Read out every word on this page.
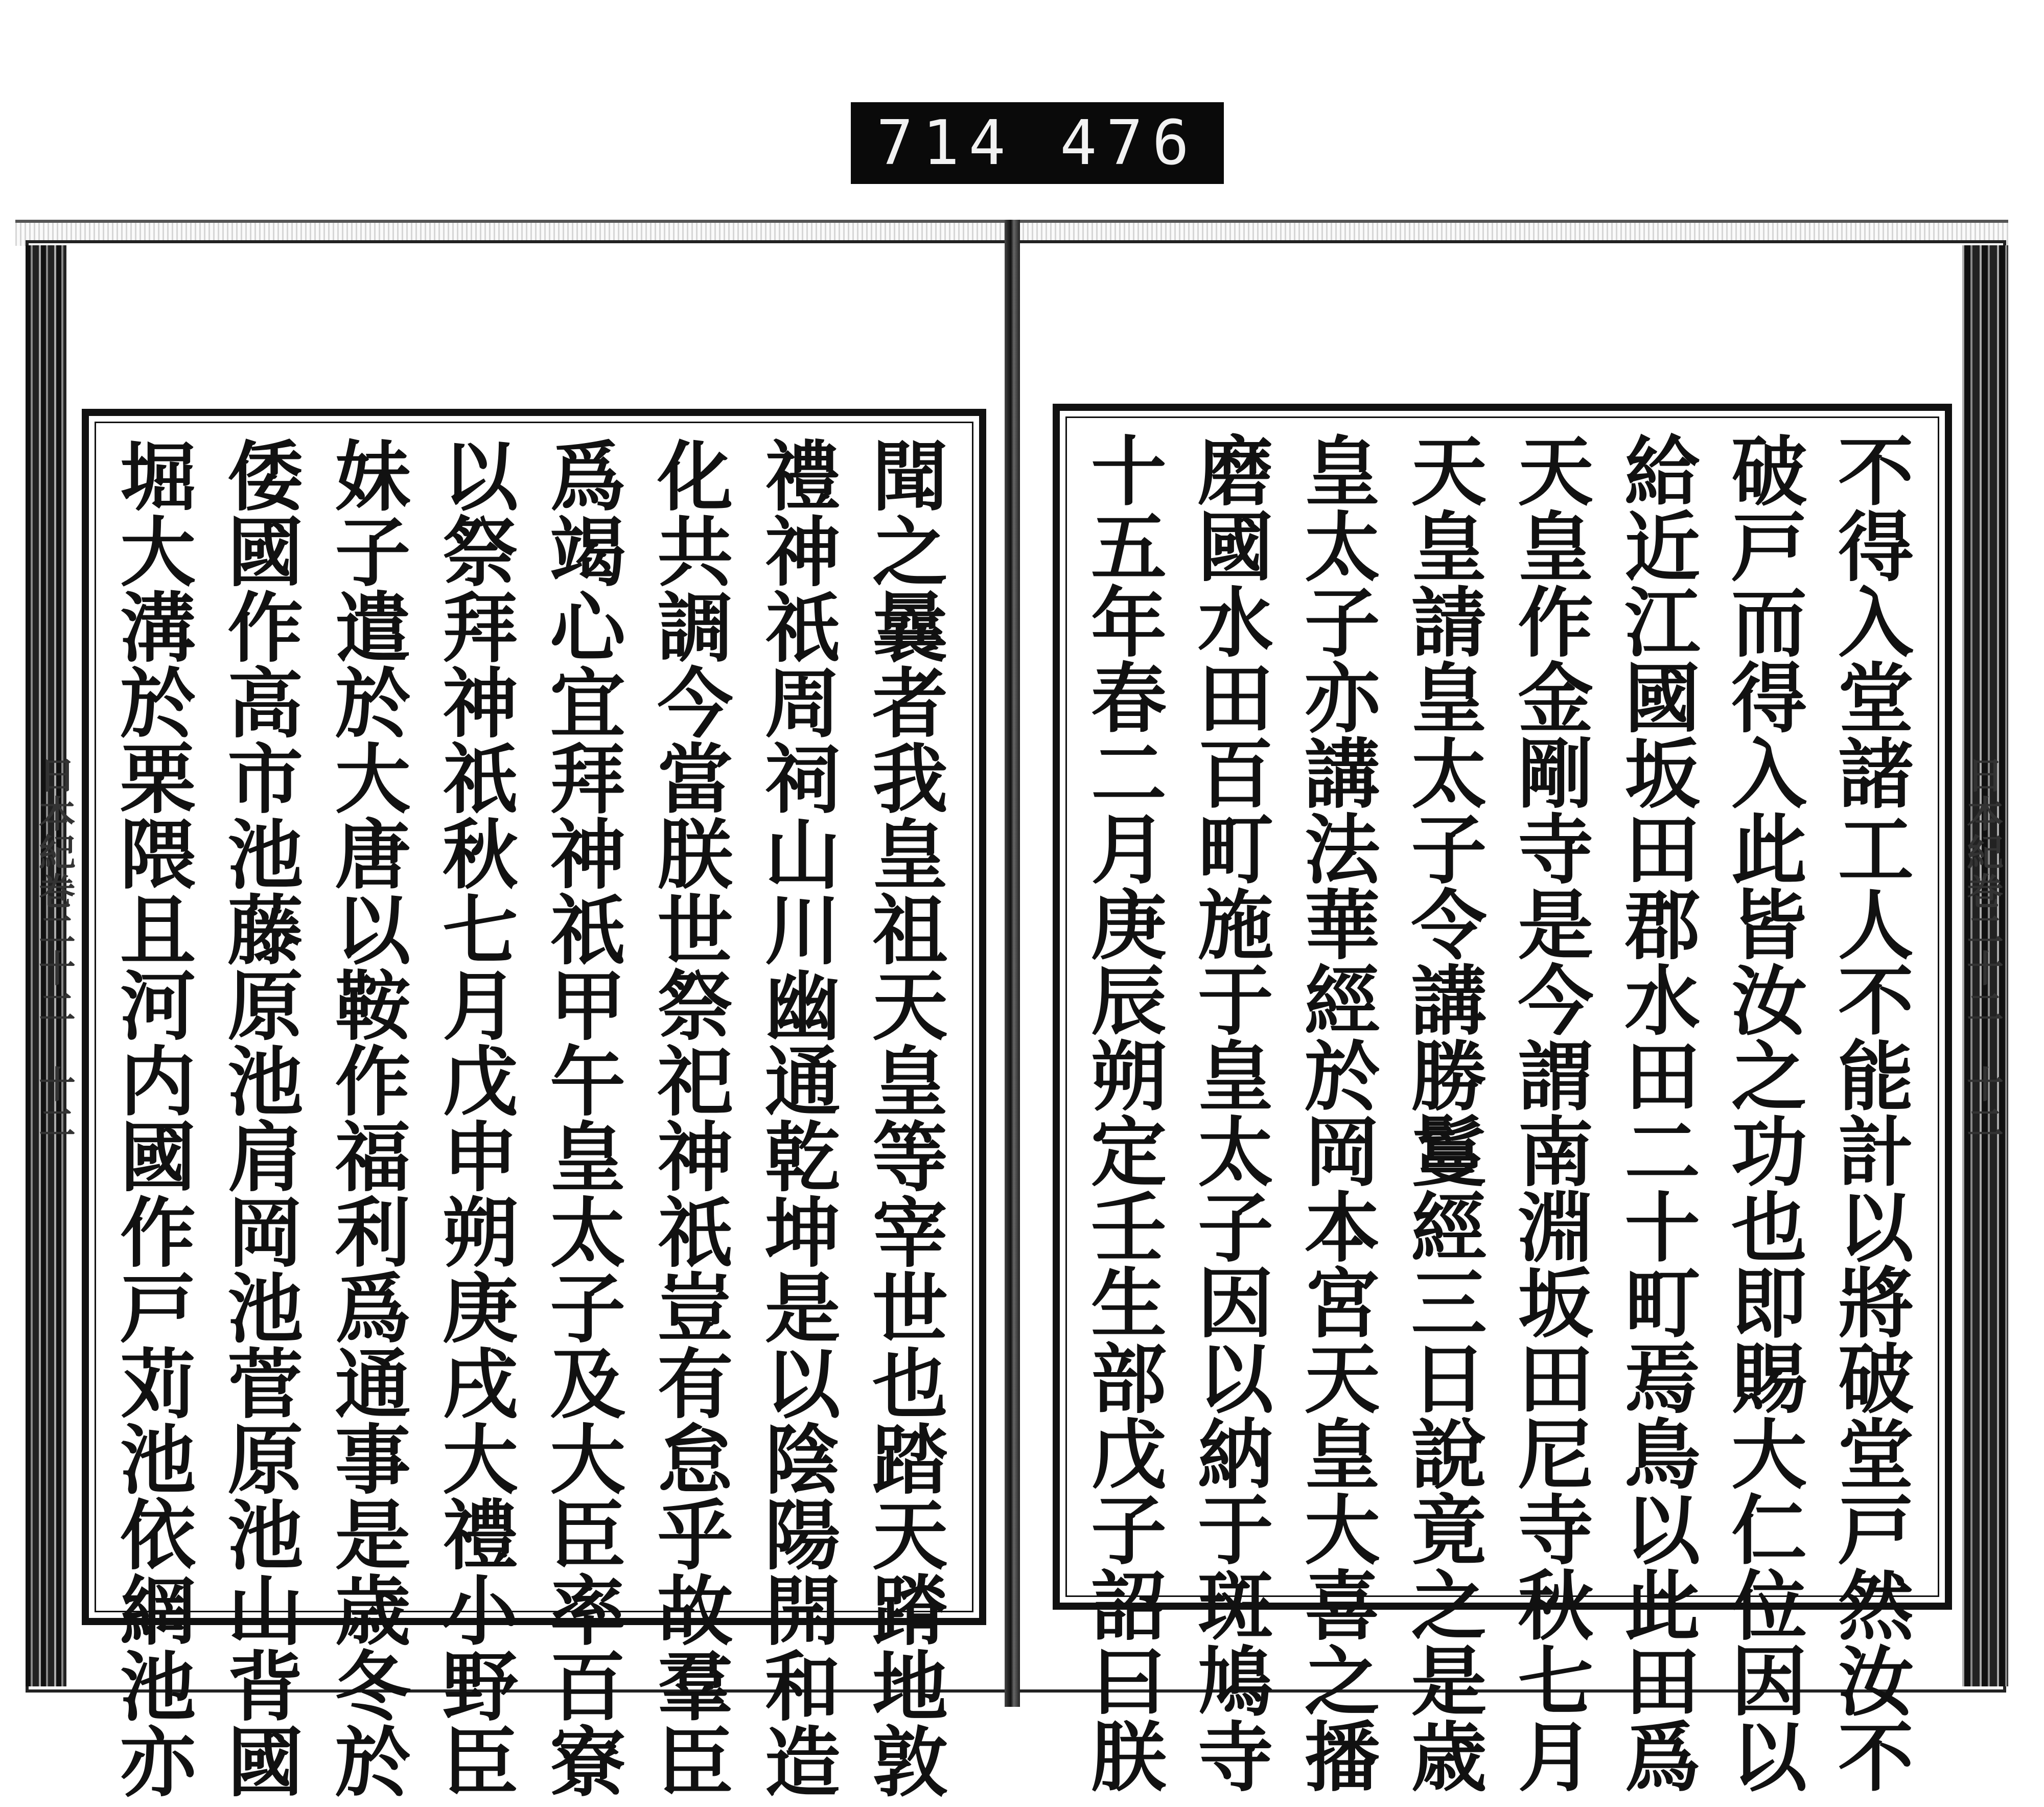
714 476
日
本
紀
巻
二
十
二

十
二
日
本
紀
巻
二
十
二

十
二
聞
之
曩
者
我
皇
祖
天
皇
等
宰
世
也
踏
天
蹐
地
敦
禮
神
祇
周
祠
山
川
幽
通
乾
坤
是
以
陰
陽
開
和
造
化
共
調
今
當
朕
世
祭
祀
神
祇
豈
有
怠
乎
故
羣
臣
爲
竭
心
宜
拜
神
祇
甲
午
皇
太
子
及
大
臣
率
百
寮
以
祭
拜
神
祇
秋
七
月
戊
申
朔
庚
戌
大
禮
小
野
臣
妹
子
遣
於
大
唐
以
鞍
作
福
利
爲
通
事
是
歳
冬
於
倭
國
作
高
市
池
藤
原
池
肩
岡
池
菅
原
池
山
背
國
堀
大
溝
於
栗
隈
且
河
内
國
作
戸
苅
池
依
網
池
亦
不
得
入
堂
諸
工
人
不
能
計
以
將
破
堂
戸
然
汝
不
破
戸
而
得
入
此
皆
汝
之
功
也
即
賜
大
仁
位
因
以
給
近
江
國
坂
田
郡
水
田
二
十
町
焉
鳥
以
此
田
爲
天
皇
作
金
剛
寺
是
今
謂
南
淵
坂
田
尼
寺
秋
七
月
天
皇
請
皇
太
子
令
講
勝
鬘
經
三
日
說
竟
之
是
歳
皇
太
子
亦
講
法
華
經
於
岡
本
宮
天
皇
大
喜
之
播
磨
國
水
田
百
町
施
于
皇
太
子
因
以
納
于
斑
鳩
寺
十
五
年
春
二
月
庚
辰
朔
定
壬
生
部
戊
子
詔
曰
朕
